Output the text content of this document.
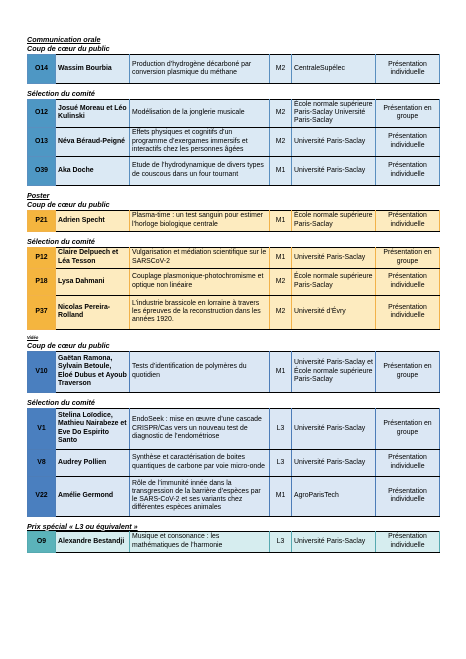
Communication orale
Coup de cœur du public
O14	Wassim Bourbia	Production d’hydrogène décarboné par conversion plasmique du méthane	M2	CentraleSupélec	Présentation individuelle
Sélection du comité
O12	Josué Moreau et Léo Kulinski	Modélisation de la jonglerie musicale	M2	École normale supérieure Paris-Saclay Université Paris-Saclay	Présentation en groupe
O13	Néva Béraud-Peigné	Effets physiques et cognitifs d’un programme d’exergames immersifs et interactifs chez les personnes âgées	M2	Université Paris-Saclay	Présentation individuelle
O39	Aka Doche	Etude de l’hydrodynamique de divers types de couscous dans un four tournant	M1	Université Paris-Saclay	Présentation individuelle
Poster
Coup de cœur du public
P21	Adrien Specht	Plasma-time : un test sanguin pour estimer l’horloge biologique centrale	M1	École normale supérieure Paris-Saclay	Présentation individuelle
Sélection du comité
P12	Claire Delpuech et Léa Tesson	Vulgarisation et médiation scientifique sur le SARSCoV-2	M1	Université Paris-Saclay	Présentation en groupe
P18	Lysa Dahmani	Couplage plasmonique-photochromisme et optique non linéaire	M2	École normale supérieure Paris-Saclay	Présentation individuelle
P37	Nicolas Pereira-Rolland	L’industrie brassicole en lorraine à travers les épreuves de la reconstruction dans les années 1920.	M2	Université d’Évry	Présentation individuelle
Vidéo
Coup de cœur du public
V10	Gaëtan Ramona, Sylvain Betoule, Eloé Dubus et Ayoub Traverson	Tests d’identification de polymères du quotidien	M1	Université Paris-Saclay et École normale supérieure Paris-Saclay	Présentation en groupe
Sélection du comité
V1	Stelina Loïodice, Mathieu Nairabeze et Eve Do Espirito Santo	EndoSeek : mise en œuvre d’une cascade CRISPR/Cas vers un nouveau test de diagnostic de l’endométriose	L3	Université Paris-Saclay	Présentation en groupe
V8	Audrey Pollien	Synthèse et caractérisation de boites quantiques de carbone par voie micro-onde	L3	Université Paris-Saclay	Présentation individuelle
V22	Amélie Germond	Rôle de l’immunité innée dans la transgression de la barrière d’espèces par le SARS-CoV-2 et ses variants chez différentes espèces animales	M1	AgroParisTech	Présentation individuelle
Prix spécial « L3 ou équivalent »
O9	Alexandre Bestandji	Musique et consonance : les mathématiques de l’harmonie	L3	Université Paris-Saclay	Présentation individuelle
